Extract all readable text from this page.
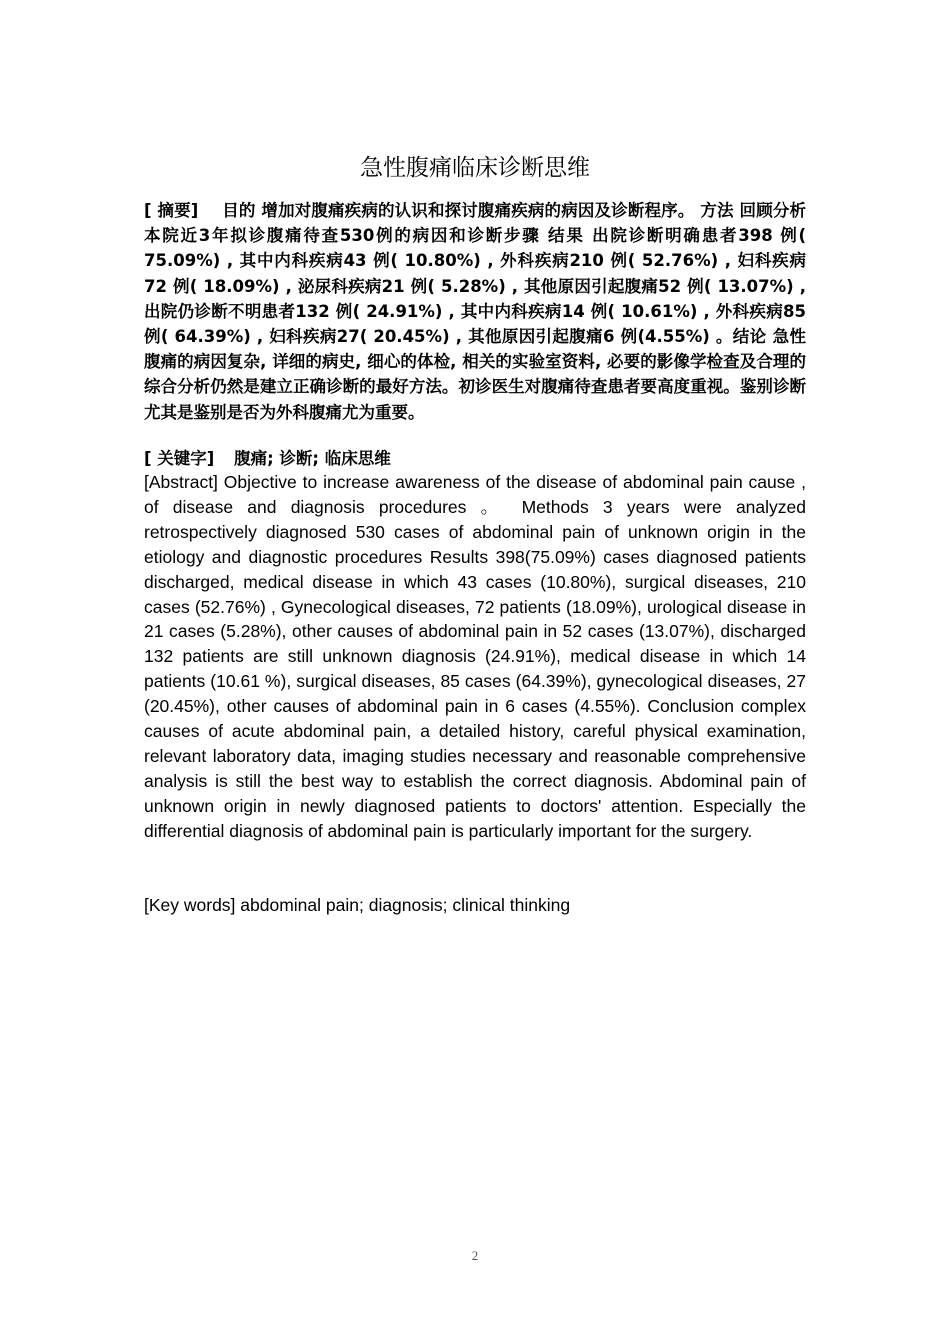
急性腹痛临床诊断思维
[ 摘要] 目的 增加对腹痛疾病的认识和探讨腹痛疾病的病因及诊断程序。 方法 回顾分析本院近3年拟诊腹痛待查530例的病因和诊断步骤 结果 出院诊断明确患者398 例( 75.09%) , 其中内科疾病43 例( 10.80%) , 外科疾病210 例( 52.76%) , 妇科疾病72 例( 18.09%) , 泌尿科疾病21 例( 5.28%) , 其他原因引起腹痛52 例( 13.07%) , 出院仍诊断不明患者132 例( 24.91%) , 其中内科疾病14 例( 10.61%) , 外科疾病85 例( 64.39%) , 妇科疾病27( 20.45%) , 其他原因引起腹痛6 例(4.55%) 。结论 急性腹痛的病因复杂, 详细的病史, 细心的体检, 相关的实验室资料, 必要的影像学检查及合理的综合分析仍然是建立正确诊断的最好方法。初诊医生对腹痛待查患者要高度重视。鉴别诊断尤其是鉴别是否为外科腹痛尤为重要。
[ 关键字] 腹痛; 诊断; 临床思维
[Abstract] Objective to increase awareness of the disease of abdominal pain cause , of disease and diagnosis procedures 。 Methods 3 years were analyzed retrospectively diagnosed 530 cases of abdominal pain of unknown origin in the etiology and diagnostic procedures Results 398(75.09%) cases diagnosed patients discharged, medical disease in which 43 cases (10.80%), surgical diseases, 210 cases (52.76%) , Gynecological diseases, 72 patients (18.09%), urological disease in 21 cases (5.28%), other causes of abdominal pain in 52 cases (13.07%), discharged 132 patients are still unknown diagnosis (24.91%), medical disease in which 14 patients (10.61 %), surgical diseases, 85 cases (64.39%), gynecological diseases, 27 (20.45%), other causes of abdominal pain in 6 cases (4.55%). Conclusion complex causes of acute abdominal pain, a detailed history, careful physical examination, relevant laboratory data, imaging studies necessary and reasonable comprehensive analysis is still the best way to establish the correct diagnosis. Abdominal pain of unknown origin in newly diagnosed patients to doctors' attention. Especially the differential diagnosis of abdominal pain is particularly important for the surgery.
[Key words] abdominal pain; diagnosis; clinical thinking
2
